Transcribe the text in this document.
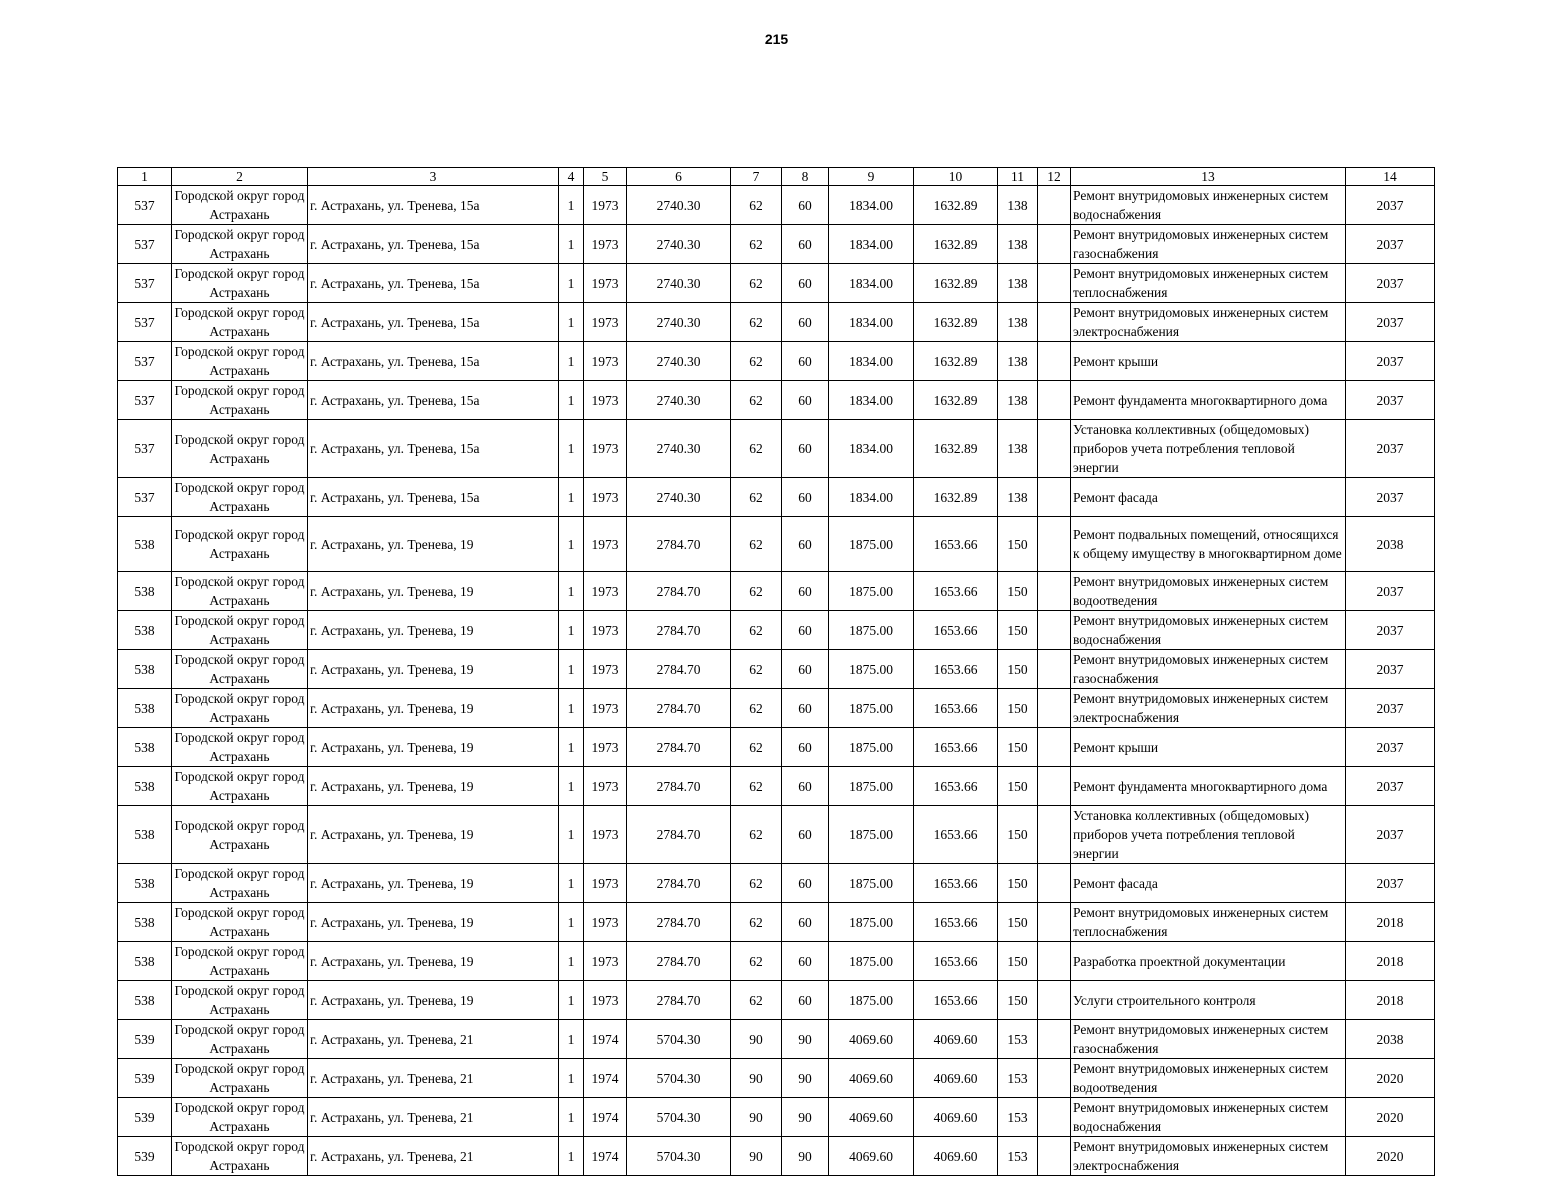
215
1	2	3	4	5	6	7	8	9	10	11	12	13	14
537	Городской округ город Астрахань	г. Астрахань, ул. Тренева, 15а	1	1973	2740.30	62	60	1834.00	1632.89	138		Ремонт внутридомовых инженерных систем водоснабжения	2037
537	Городской округ город Астрахань	г. Астрахань, ул. Тренева, 15а	1	1973	2740.30	62	60	1834.00	1632.89	138		Ремонт внутридомовых инженерных систем газоснабжения	2037
537	Городской округ город Астрахань	г. Астрахань, ул. Тренева, 15а	1	1973	2740.30	62	60	1834.00	1632.89	138		Ремонт внутридомовых инженерных систем теплоснабжения	2037
537	Городской округ город Астрахань	г. Астрахань, ул. Тренева, 15а	1	1973	2740.30	62	60	1834.00	1632.89	138		Ремонт внутридомовых инженерных систем электроснабжения	2037
537	Городской округ город Астрахань	г. Астрахань, ул. Тренева, 15а	1	1973	2740.30	62	60	1834.00	1632.89	138		Ремонт крыши	2037
537	Городской округ город Астрахань	г. Астрахань, ул. Тренева, 15а	1	1973	2740.30	62	60	1834.00	1632.89	138		Ремонт фундамента многоквартирного дома	2037
537	Городской округ город Астрахань	г. Астрахань, ул. Тренева, 15а	1	1973	2740.30	62	60	1834.00	1632.89	138		Установка коллективных (общедомовых) приборов учета потребления тепловой энергии	2037
537	Городской округ город Астрахань	г. Астрахань, ул. Тренева, 15а	1	1973	2740.30	62	60	1834.00	1632.89	138		Ремонт фасада	2037
538	Городской округ город Астрахань	г. Астрахань, ул. Тренева, 19	1	1973	2784.70	62	60	1875.00	1653.66	150		Ремонт подвальных помещений, относящихся к общему имуществу в многоквартирном доме	2038
538	Городской округ город Астрахань	г. Астрахань, ул. Тренева, 19	1	1973	2784.70	62	60	1875.00	1653.66	150		Ремонт внутридомовых инженерных систем водоотведения	2037
538	Городской округ город Астрахань	г. Астрахань, ул. Тренева, 19	1	1973	2784.70	62	60	1875.00	1653.66	150		Ремонт внутридомовых инженерных систем водоснабжения	2037
538	Городской округ город Астрахань	г. Астрахань, ул. Тренева, 19	1	1973	2784.70	62	60	1875.00	1653.66	150		Ремонт внутридомовых инженерных систем газоснабжения	2037
538	Городской округ город Астрахань	г. Астрахань, ул. Тренева, 19	1	1973	2784.70	62	60	1875.00	1653.66	150		Ремонт внутридомовых инженерных систем электроснабжения	2037
538	Городской округ город Астрахань	г. Астрахань, ул. Тренева, 19	1	1973	2784.70	62	60	1875.00	1653.66	150		Ремонт крыши	2037
538	Городской округ город Астрахань	г. Астрахань, ул. Тренева, 19	1	1973	2784.70	62	60	1875.00	1653.66	150		Ремонт фундамента многоквартирного дома	2037
538	Городской округ город Астрахань	г. Астрахань, ул. Тренева, 19	1	1973	2784.70	62	60	1875.00	1653.66	150		Установка коллективных (общедомовых) приборов учета потребления тепловой энергии	2037
538	Городской округ город Астрахань	г. Астрахань, ул. Тренева, 19	1	1973	2784.70	62	60	1875.00	1653.66	150		Ремонт фасада	2037
538	Городской округ город Астрахань	г. Астрахань, ул. Тренева, 19	1	1973	2784.70	62	60	1875.00	1653.66	150		Ремонт внутридомовых инженерных систем теплоснабжения	2018
538	Городской округ город Астрахань	г. Астрахань, ул. Тренева, 19	1	1973	2784.70	62	60	1875.00	1653.66	150		Разработка проектной документации	2018
538	Городской округ город Астрахань	г. Астрахань, ул. Тренева, 19	1	1973	2784.70	62	60	1875.00	1653.66	150		Услуги строительного контроля	2018
539	Городской округ город Астрахань	г. Астрахань, ул. Тренева, 21	1	1974	5704.30	90	90	4069.60	4069.60	153		Ремонт внутридомовых инженерных систем газоснабжения	2038
539	Городской округ город Астрахань	г. Астрахань, ул. Тренева, 21	1	1974	5704.30	90	90	4069.60	4069.60	153		Ремонт внутридомовых инженерных систем водоотведения	2020
539	Городской округ город Астрахань	г. Астрахань, ул. Тренева, 21	1	1974	5704.30	90	90	4069.60	4069.60	153		Ремонт внутридомовых инженерных систем водоснабжения	2020
539	Городской округ город Астрахань	г. Астрахань, ул. Тренева, 21	1	1974	5704.30	90	90	4069.60	4069.60	153		Ремонт внутридомовых инженерных систем электроснабжения	2020
